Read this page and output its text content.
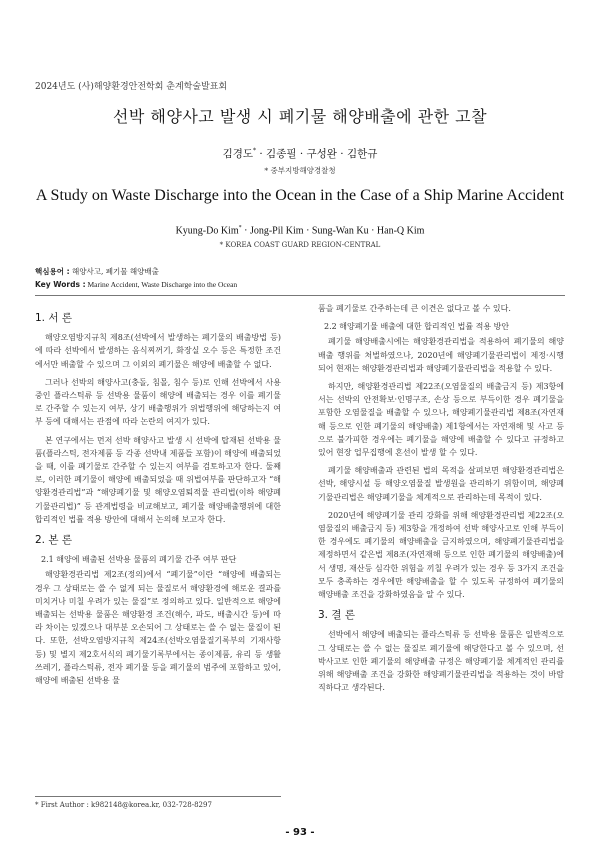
2024년도 (사)해양환경안전학회 춘계학술발표회
선박 해양사고 발생 시 폐기물 해양배출에 관한 고찰
김경도* · 김종필 · 구성완 · 김한규
* 중부지방해양경찰청
A Study on Waste Discharge into the Ocean in the Case of a Ship Marine Accident
Kyung-Do Kim* · Jong-Pil Kim · Sung-Wan Ku · Han-Q Kim
* KOREA COAST GUARD REGION-CENTRAL
핵심용어 : 해양사고, 폐기물 해양배출
Key Words : Marine Accident, Waste Discharge into the Ocean
1. 서 론

해양오염방지규칙 제8조(선박에서 발생하는 폐기물의 배출방법 등)에 따라 선박에서 발생하는 음식찌꺼기, 화장실 오수 등은 특정한 조건에서만 배출할 수 있으며 그 이외의 폐기물은 해양에 배출할 수 없다.

그러나 선박의 해양사고(충돌, 침몰, 침수 등)로 인해 선박에서 사용중인 플라스틱류 등 선박용 물품이 해양에 배출되는 경우 이를 폐기물로 간주할 수 있는지 여부, 상기 배출행위가 위법행위에 해당하는지 여부 등에 대해서는 관점에 따라 논란의 여지가 있다.

본 연구에서는 먼저 선박 해양사고 발생 시 선박에 탑재된 선박용 물품(플라스틱, 전자제품 등 각종 선박내 제품들 포함)이 해양에 배출되었을 때, 이를 폐기물로 간주할 수 있는지 여부를 검토하고자 한다. 둘째로, 이러한 폐기물이 해양에 배출되었을 때 위법여부를 판단하고자 “해양환경관리법”과 “해양폐기물 및 해양오염퇴적물 관리법(이하 해양폐기물관리법)” 등 관계법령을 비교해보고, 폐기물 해양배출행위에 대한 합리적인 법률 적용 방안에 대해서 논의해 보고자 한다.

2. 본 론

2.1 해양에 배출된 선박용 물품의 폐기물 간주 여부 판단

해양환경관리법 제2조(정의)에서 “폐기물”이란 “해양에 배출되는 경우 그 상태로는 쓸 수 없게 되는 물질로서 해양환경에 해로운 결과를 미치거나 미칠 우려가 있는 물질”로 정의하고 있다. 일반적으로 해양에 배출되는 선박용 물품은 해양환경 조건(해수, 파도, 배출시간 등)에 따라 차이는 있겠으나 대부분 오손되어 그 상태로는 쓸 수 없는 물질이 된다. 또한, 선박오염방지규칙 제24조(선박오염물질기록부의 기재사항 등) 및 별지 제2호서식의 폐기물기록부에서는 종이제품, 유리 등 생활쓰레기, 플라스틱류, 전자 폐기물 등을 폐기물의 범주에 포함하고 있어, 해양에 배출된 선박용 물

품을 폐기물로 간주하는데 큰 이견은 없다고 볼 수 있다.

2.2 해양폐기물 배출에 대한 합리적인 법률 적용 방안

폐기물 해양배출시에는 해양환경관리법을 적용하여 폐기물의 해양배출 행위를 처벌하였으나, 2020년에 해양폐기물관리법이 제정·시행되어 현재는 해양환경관리법과 해양폐기물관리법을 적용할 수 있다.

하지만, 해양환경관리법 제22조(오염물질의 배출금지 등) 제3항에서는 선박의 안전확보·인명구조, 손상 등으로 부득이한 경우 폐기물을 포함한 오염물질을 배출할 수 있으나, 해양폐기물관리법 제8조(자연재해 등으로 인한 폐기물의 해양배출) 제1항에서는 자연재해 및 사고 등으로 불가피한 경우에는 폐기물을 해양에 배출할 수 있다고 규정하고 있어 현장 업무집행에 혼선이 발생 할 수 있다.

폐기물 해양배출과 관련된 법의 목적을 살펴보면 해양환경관리법은 선박, 해양시설 등 해양오염물질 발생원을 관리하기 위함이며, 해양폐기물관리법은 해양폐기물을 체계적으로 관리하는데 목적이 있다.

2020년에 해양폐기물 관리 강화를 위해 해양환경관리법 제22조(오염물질의 배출금지 등) 제3항을 개정하여 선박 해양사고로 인해 부득이한 경우에도 폐기물의 해양배출을 금지하였으며, 해양폐기물관리법을 제정하면서 같은법 제8조(자연재해 등으로 인한 폐기물의 해양배출)에서 생명, 재산등 심각한 위험을 끼칠 우려가 있는 경우 등 3가지 조건을 모두 충족하는 경우에만 해양배출을 할 수 있도록 규정하여 폐기물의 해양배출 조건을 강화하였음을 알 수 있다.

3. 결 론

선박에서 해양에 배출되는 플라스틱류 등 선박용 물품은 일반적으로 그 상태로는 쓸 수 없는 물질로 폐기물에 해당한다고 볼 수 있으며, 선박사고로 인한 폐기물의 해양배출 규정은 해양폐기물 체계적인 관리를 위해 해양배출 조건을 강화한 해양폐기물관리법을 적용하는 것이 바람직하다고 생각된다.

* First Author : k982148@korea.kr, 032-728-8297
- 93 -
